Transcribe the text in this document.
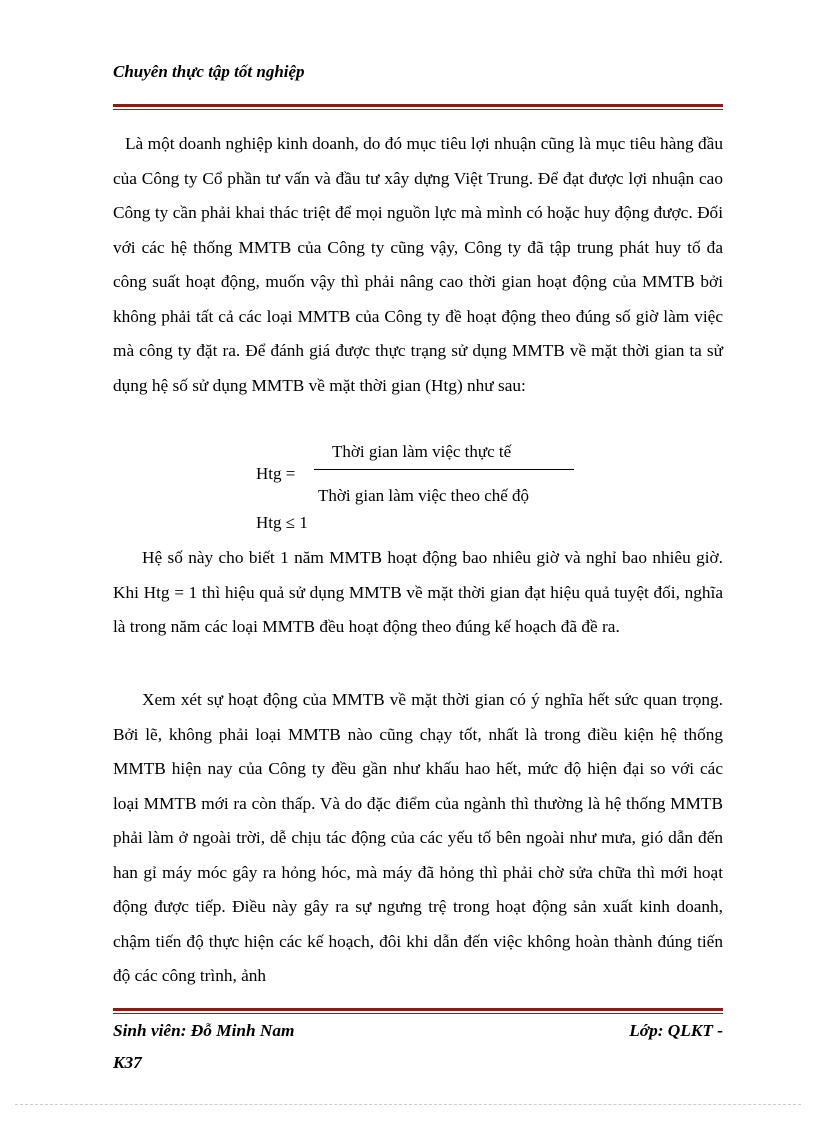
Chuyên thực tập tốt nghiệp

Là một doanh nghiệp kinh doanh, do đó mục tiêu lợi nhuận cũng là mục tiêu hàng đầu của Công ty Cổ phần tư vấn và đầu tư xây dựng Việt Trung. Để đạt được lợi nhuận cao Công ty cần phải khai thác triệt để mọi nguồn lực mà mình có hoặc huy động được. Đối với các hệ thống MMTB của Công ty cũng vậy, Công ty đã tập trung phát huy tố đa công suất hoạt động, muốn vậy thì phải nâng cao thời gian hoạt động của MMTB bởi không phải tất cả các loại MMTB của Công ty đề hoạt động theo đúng số giờ làm việc mà công ty đặt ra. Để đánh giá được thực trạng sử dụng MMTB về mặt thời gian ta sử dụng hệ số sử dụng MMTB về mặt thời gian (Htg) như sau:

Htg =
Thời gian làm việc thực tế
Thời gian làm việc theo chế độ
Htg ≤ 1

Hệ số này cho biết 1 năm MMTB hoạt động bao nhiêu giờ và nghỉ bao nhiêu giờ. Khi Htg = 1 thì hiệu quả sử dụng MMTB về mặt thời gian đạt hiệu quả tuyệt đối, nghĩa là trong năm các loại MMTB đều hoạt động theo đúng kế hoạch đã đề ra.

Xem xét sự hoạt động của MMTB về mặt thời gian có ý nghĩa hết sức quan trọng. Bởi lẽ, không phải loại MMTB nào cũng chạy tốt, nhất là trong điều kiện hệ thống MMTB hiện nay của Công ty đều gần như khấu hao hết, mức độ hiện đại so với các loại MMTB mới ra còn thấp. Và do đặc điểm của ngành thì thường là hệ thống MMTB phải làm ở ngoài trời, dễ chịu tác động của các yếu tố bên ngoài như mưa, gió dẫn đến han gỉ máy móc gây ra hỏng hóc, mà máy đã hỏng thì phải chờ sửa chữa thì mới hoạt động được tiếp. Điều này gây ra sự ngưng trệ trong hoạt động sản xuất kinh doanh, chậm tiến độ thực hiện các kế hoạch, đôi khi dẫn đến việc không hoàn thành đúng tiến độ các công trình, ảnh

Sinh viên: Đỗ Minh Nam	Lớp: QLKT -
K37
